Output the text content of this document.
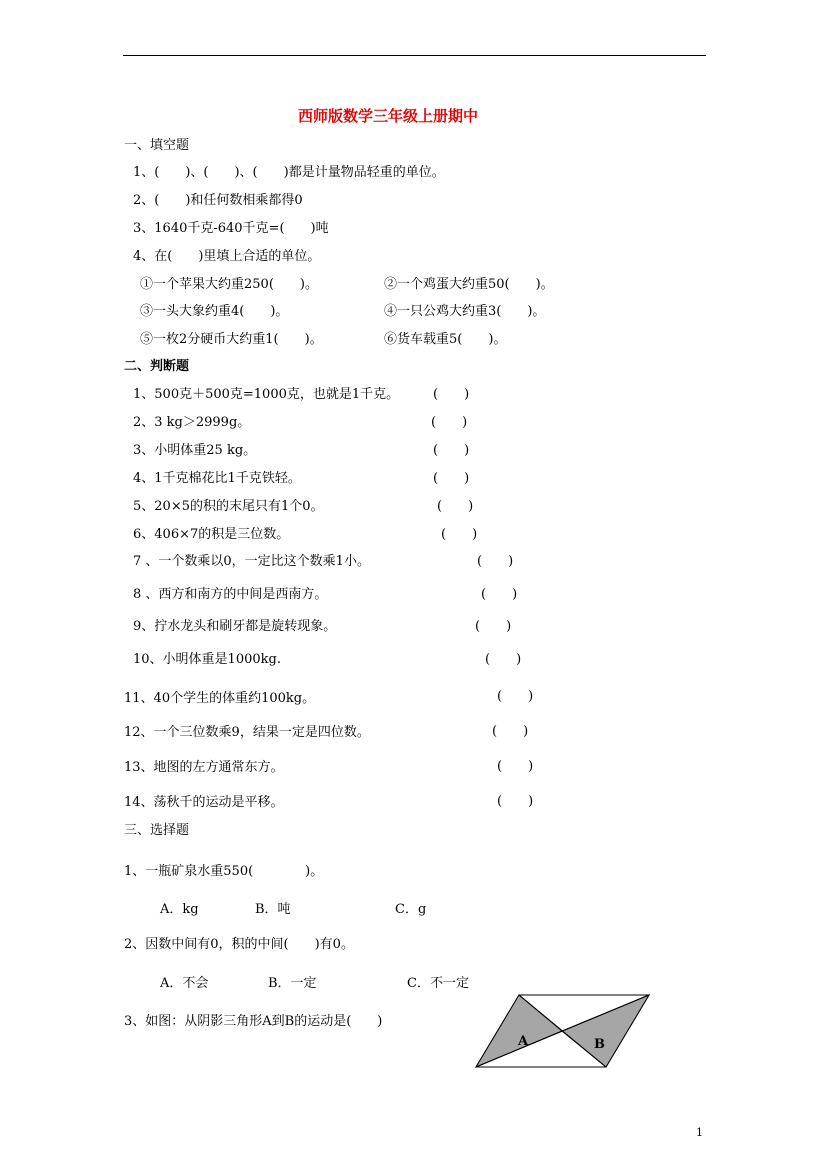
西师版数学三年级上册期中
一、填空题
1、(　　)、(　　)、(　　)都是计量物品轻重的单位。
2、(　　)和任何数相乘都得0
3、1640千克-640千克=(　　)吨
4、在(　　)里填上合适的单位。
①一个苹果大约重250(　　)。	②一个鸡蛋大约重50(　　)。
③一头大象约重4(　　)。	④一只公鸡大约重3(　　)。
⑤一枚2分硬币大约重1(　　)。	⑥货车载重5(　　)。
二、判断题
1、500克＋500克=1000克，也就是1千克。	(　　)
2、3 kg＞2999g。	(　　)
3、小明体重25 kg。	(　　)
4、1千克棉花比1千克铁轻。	(　　)
5、20×5的积的末尾只有1个0。	(　　)
6、406×7的积是三位数。	(　　)
7 、一个数乘以0，一定比这个数乘1小。	(　　)
8 、西方和南方的中间是西南方。	(　　)
9、拧水龙头和刷牙都是旋转现象。	(　　)
10、小明体重是1000kg.	(　　)
11、40个学生的体重约100kg。	(　　)
12、一个三位数乘9，结果一定是四位数。	(　　)
13、地图的左方通常东方。	(　　)
14、荡秋千的运动是平移。	(　　)
三、选择题
1、一瓶矿泉水重550(　　　　)。
A．kg	B．吨	C．g
2、因数中间有0，积的中间(　　)有0。
A．不会	B．一定	C．不一定
3、如图：从阴影三角形A到B的运动是(　　)
A	B
1
